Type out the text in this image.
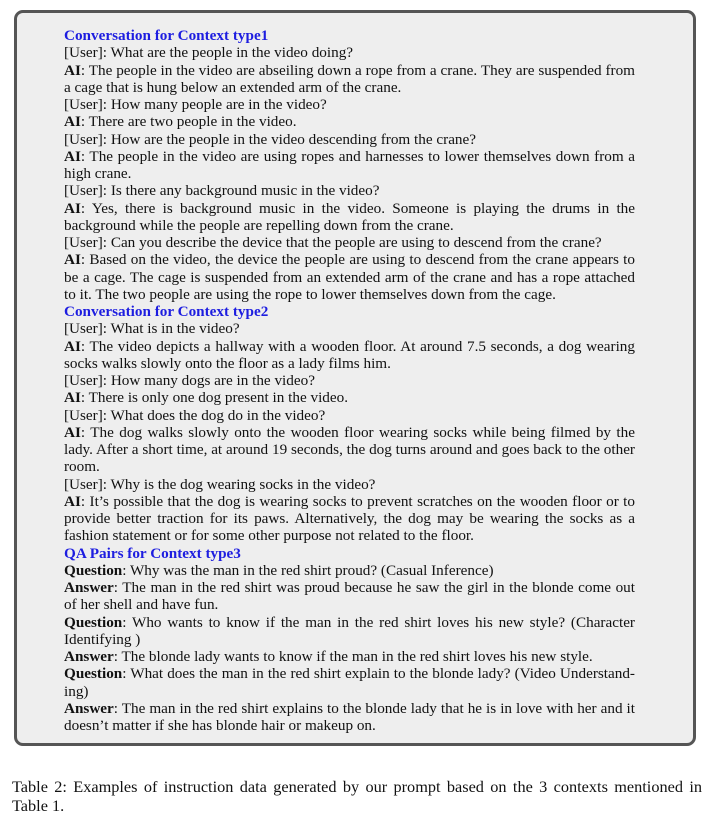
Conversation for Context type1

[User]: What are the people in the video doing?

AI: The people in the video are abseiling down a rope from a crane. They are suspended from a cage that is hung below an extended arm of the crane.

[User]: How many people are in the video?

AI: There are two people in the video.

[User]: How are the people in the video descending from the crane?

AI: The people in the video are using ropes and harnesses to lower themselves down from a high crane.

[User]: Is there any background music in the video?

AI: Yes, there is background music in the video. Someone is playing the drums in the background while the people are repelling down from the crane.

[User]: Can you describe the device that the people are using to descend from the crane?

AI: Based on the video, the device the people are using to descend from the crane appears to be a cage. The cage is suspended from an extended arm of the crane and has a rope attached to it. The two people are using the rope to lower themselves down from the cage.

Conversation for Context type2

[User]: What is in the video?

AI: The video depicts a hallway with a wooden floor. At around 7.5 seconds, a dog wearing socks walks slowly onto the floor as a lady films him.

[User]: How many dogs are in the video?

AI: There is only one dog present in the video.

[User]: What does the dog do in the video?

AI: The dog walks slowly onto the wooden floor wearing socks while being filmed by the lady. After a short time, at around 19 seconds, the dog turns around and goes back to the other room.

[User]: Why is the dog wearing socks in the video?

AI: It’s possible that the dog is wearing socks to prevent scratches on the wooden floor or to provide better traction for its paws. Alternatively, the dog may be wearing the socks as a fashion statement or for some other purpose not related to the floor.

QA Pairs for Context type3

Question: Why was the man in the red shirt proud? (Casual Inference)

Answer: The man in the red shirt was proud because he saw the girl in the blonde come out of her shell and have fun.

Question: Who wants to know if the man in the red shirt loves his new style? (Character Identifying )

Answer: The blonde lady wants to know if the man in the red shirt loves his new style.

Question: What does the man in the red shirt explain to the blonde lady? (Video Understand-ing)

Answer: The man in the red shirt explains to the blonde lady that he is in love with her and it doesn’t matter if she has blonde hair or makeup on.

Table 2: Examples of instruction data generated by our prompt based on the 3 contexts mentioned in Table 1.
